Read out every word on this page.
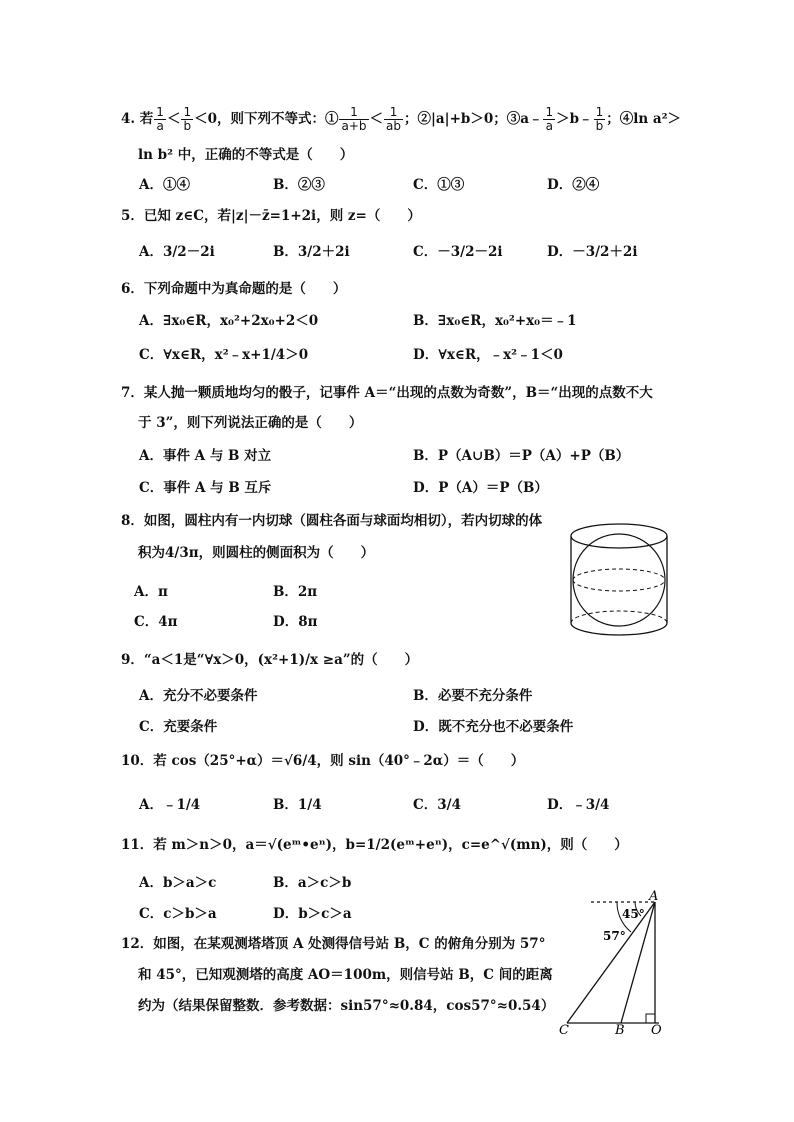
4. 若 $\frac{1}{a} < \frac{1}{b} <0$，则下列不等式：① $\frac{1}{a+b} < \frac{1}{ab}$ ；②|a|+b＞0；③a﹣ $\frac{1}{a}$ ＞b﹣ $\frac{1}{b}$ ；④ln a²＞
ln b² 中，正确的不等式是（　　）
A．①④	B．②③	C．①③	D．②④
5．已知 z∈C，若|z|－z̄=1+2i，则 z=（　　）
A．3/2－2i	B．3/2＋2i	C．－3/2－2i	D．－3/2＋2i
6．下列命题中为真命题的是（　　）
A．∃x₀∈R，x₀²+2x₀+2＜0	B．∃x₀∈R，x₀²+x₀＝﹣1
C．∀x∈R，x²﹣x+1/4＞0	D．∀x∈R，﹣x²﹣1＜0
7．某人抛一颗质地均匀的骰子，记事件 A＝“出现的点数为奇数”，B＝“出现的点数不大
于 3”，则下列说法正确的是（　　）
A．事件 A 与 B 对立	B．P（A∪B）＝P（A）+P（B）
C．事件 A 与 B 互斥	D．P（A）＝P（B）
8．如图，圆柱内有一内切球（圆柱各面与球面均相切），若内切球的体
积为4/3π，则圆柱的侧面积为（　　）
A．π	B．2π
C．4π	D．8π
9．“a＜1是“∀x＞0，(x²+1)/x ≥a”的（　　）
A．充分不必要条件	B．必要不充分条件
C．充要条件	D．既不充分也不必要条件
10．若 cos（25°+α）＝√6/4，则 sin（40°﹣2α）＝（　　）
A．﹣1/4	B．1/4	C．3/4	D．﹣3/4
11．若 m＞n＞0，a＝√(eᵐ•eⁿ)，b=1/2(eᵐ+eⁿ)，c=e^√(mn)，则（　　）
A．b＞a＞c	B．a＞c＞b
C．c＞b＞a	D．b＞c＞a
12．如图，在某观测塔塔顶 A 处测得信号站 B，C 的俯角分别为 57°
和 45°，已知观测塔的高度 AO＝100m，则信号站 B，C 间的距离
约为（结果保留整数．参考数据：sin57°≈0.84，cos57°≈0.54）
A
45°
57°
C	B O
